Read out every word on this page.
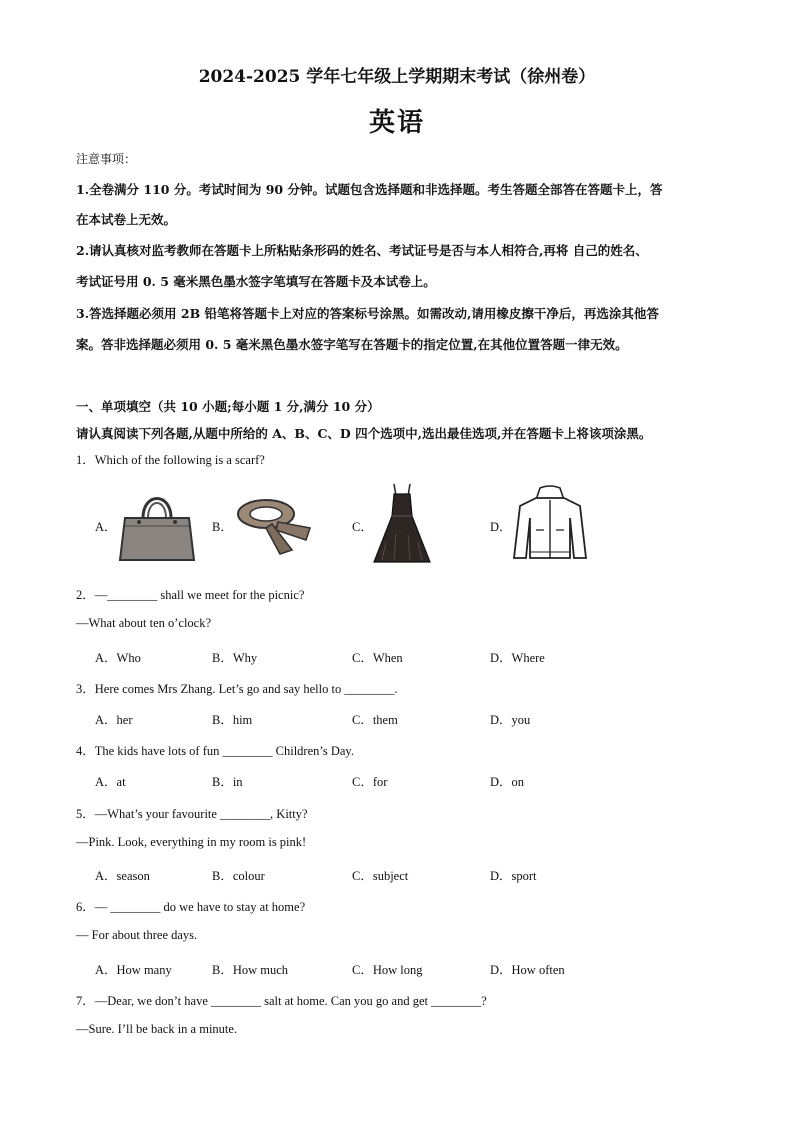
2024-2025 学年七年级上学期期末考试（徐州卷）
英语
注意事项：
1.全卷满分 110 分。考试时间为 90 分钟。试题包含选择题和非选择题。考生答题全部答在答题卡上，答
在本试卷上无效。
2.请认真核对监考教师在答题卡上所粘贴条形码的姓名、考试证号是否与本人相符合,再将 自己的姓名、
考试证号用 0. 5 毫米黑色墨水签字笔填写在答题卡及本试卷上。
3.答选择题必须用 2B 铅笔将答题卡上对应的答案标号涂黑。如需改动,请用橡皮擦干净后，再选涂其他答
案。答非选择题必须用 0. 5 毫米黑色墨水签字笔写在答题卡的指定位置,在其他位置答题一律无效。
一、单项填空（共 10 小题;每小题 1 分,满分 10 分）
请认真阅读下列各题,从题中所给的 A、B、C、D 四个选项中,选出最佳选项,并在答题卡上将该项涂黑。
1．Which of the following is a scarf?
A．	B．	C．	D．
2．—________ shall we meet for the picnic?
—What about ten o’clock?
A．Who	B．Why	C．When	D．Where
3．Here comes Mrs Zhang. Let’s go and say hello to ________.
A．her	B．him	C．them	D．you
4．The kids have lots of fun ________ Children’s Day.
A．at	B．in	C．for	D．on
5．—What’s your favourite ________, Kitty?
—Pink. Look, everything in my room is pink!
A．season	B．colour	C．subject	D．sport
6．— ________ do we have to stay at home?
— For about three days.
A．How many	B．How much	C．How long	D．How often
7．—Dear, we don’t have ________ salt at home. Can you go and get ________?
—Sure. I’ll be back in a minute.
